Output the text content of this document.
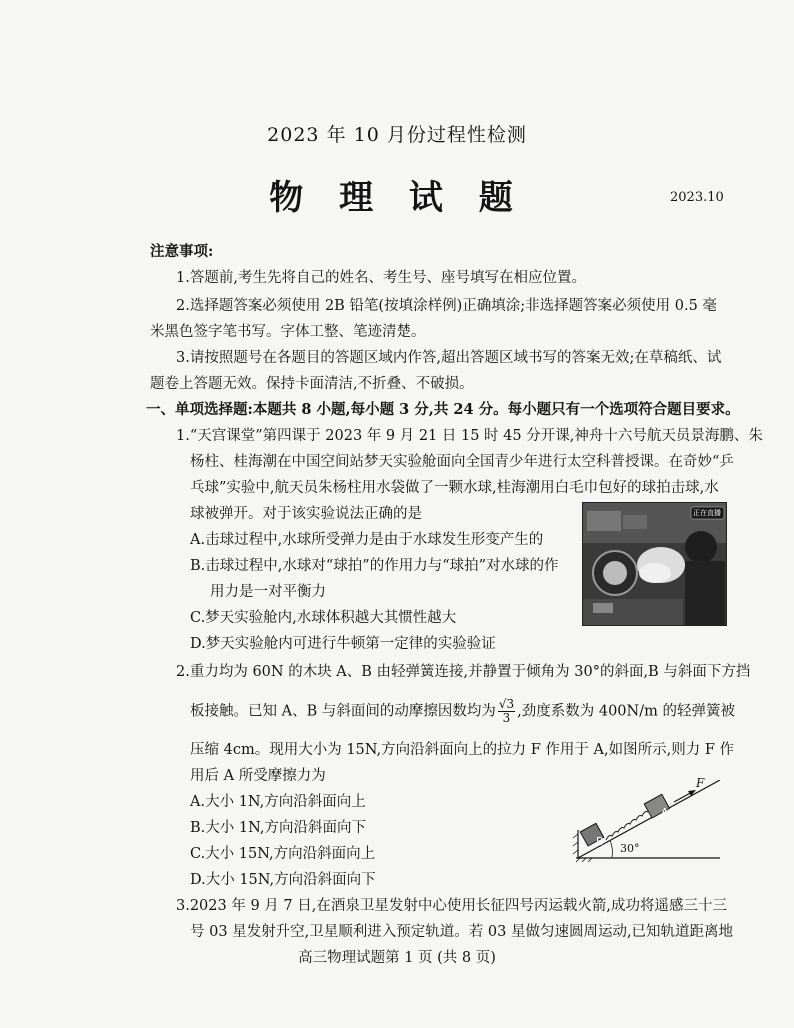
2023 年 10 月份过程性检测
物 理 试 题	2023.10
注意事项:
1.答题前,考生先将自己的姓名、考生号、座号填写在相应位置。
2.选择题答案必须使用 2B 铅笔(按填涂样例)正确填涂;非选择题答案必须使用 0.5 毫
米黑色签字笔书写。字体工整、笔迹清楚。
3.请按照题号在各题目的答题区域内作答,超出答题区域书写的答案无效;在草稿纸、试
题卷上答题无效。保持卡面清洁,不折叠、不破损。
一、单项选择题:本题共 8 小题,每小题 3 分,共 24 分。每小题只有一个选项符合题目要求。
1.“天宫课堂”第四课于 2023 年 9 月 21 日 15 时 45 分开课,神舟十六号航天员景海鹏、朱
杨柱、桂海潮在中国空间站梦天实验舱面向全国青少年进行太空科普授课。在奇妙“乒
乓球”实验中,航天员朱杨柱用水袋做了一颗水球,桂海潮用白毛巾包好的球拍击球,水
球被弹开。对于该实验说法正确的是
A.击球过程中,水球所受弹力是由于水球发生形变产生的
B.击球过程中,水球对“球拍”的作用力与“球拍”对水球的作
用力是一对平衡力
C.梦天实验舱内,水球体积越大其惯性越大
D.梦天实验舱内可进行牛顿第一定律的实验验证
正在直播
2.重力均为 60N 的木块 A、B 由轻弹簧连接,并静置于倾角为 30°的斜面,B 与斜面下方挡
板接触。已知 A、B 与斜面间的动摩擦因数均为 $\frac{√3}{3}$ ,劲度系数为 400N/m 的轻弹簧被
压缩 4cm。现用大小为 15N,方向沿斜面向上的拉力 F 作用于 A,如图所示,则力 F 作
用后 A 所受摩擦力为
A.大小 1N,方向沿斜面向上
B.大小 1N,方向沿斜面向下
C.大小 15N,方向沿斜面向上
D.大小 15N,方向沿斜面向下
B
A
F
30°
3.2023 年 9 月 7 日,在酒泉卫星发射中心使用长征四号丙运载火箭,成功将遥感三十三
号 03 星发射升空,卫星顺利进入预定轨道。若 03 星做匀速圆周运动,已知轨道距离地
高三物理试题第 1 页 (共 8 页)
